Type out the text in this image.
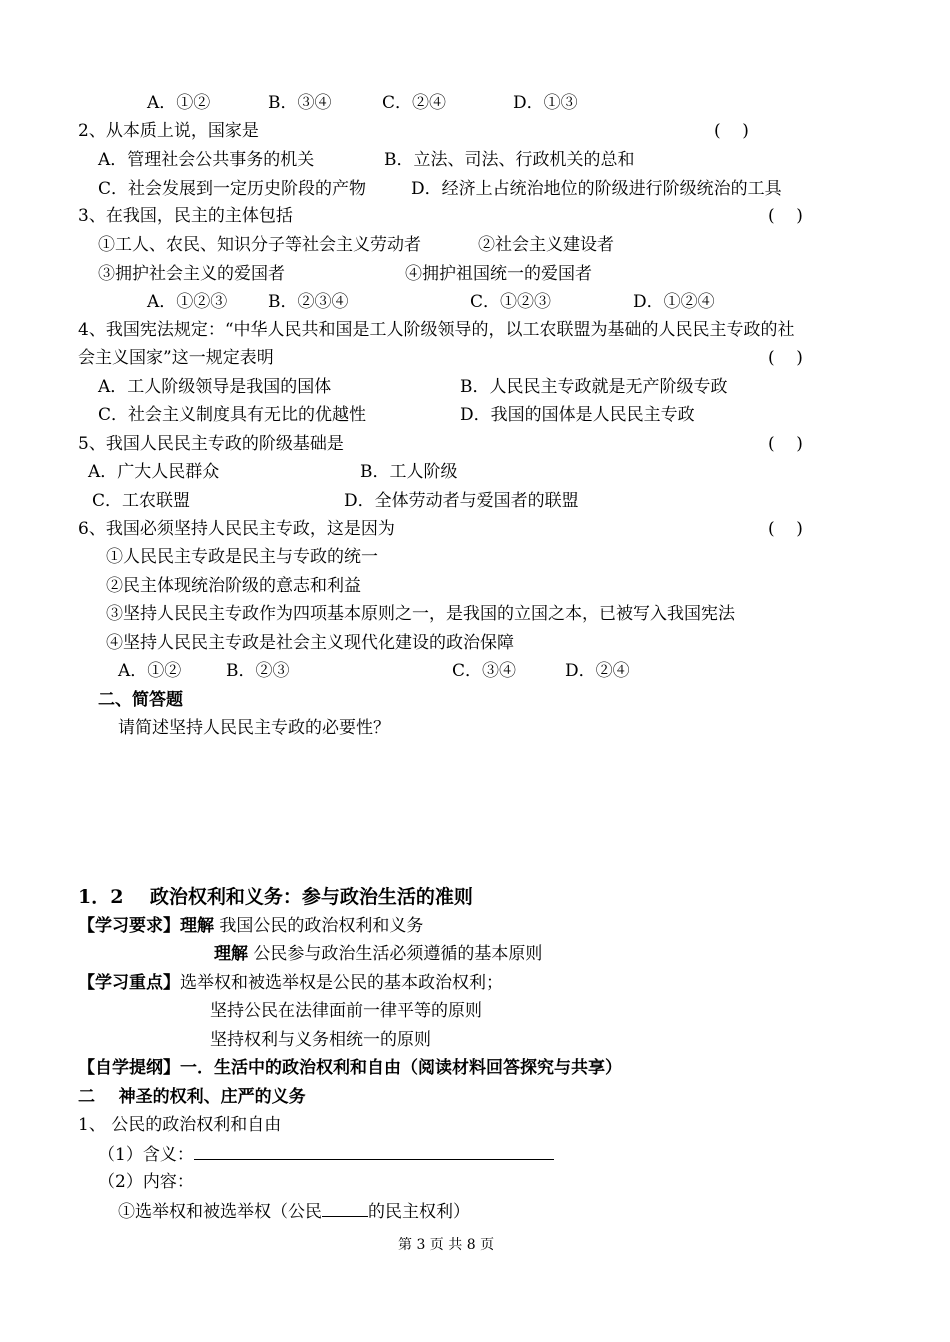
A．①②	B．③④	C．②④	D．①③
2、从本质上说，国家是	(    )
A．管理社会公共事务的机关	B．立法、司法、行政机关的总和
C．社会发展到一定历史阶段的产物	D．经济上占统治地位的阶级进行阶级统治的工具
3、在我国，民主的主体包括	(    )
①工人、农民、知识分子等社会主义劳动者	②社会主义建设者
③拥护社会主义的爱国者	④拥护祖国统一的爱国者
A．①②③ B．②③④	C．①②③	D．①②④
4、我国宪法规定：“中华人民共和国是工人阶级领导的，以工农联盟为基础的人民民主专政的社
会主义国家”这一规定表明	(    )
A．工人阶级领导是我国的国体	B．人民民主专政就是无产阶级专政
C．社会主义制度具有无比的优越性	D．我国的国体是人民民主专政
5、我国人民民主专政的阶级基础是	(    )
A．广大人民群众	B．工人阶级
C．工农联盟	D．全体劳动者与爱国者的联盟
6、我国必须坚持人民民主专政，这是因为	(    )
①人民民主专政是民主与专政的统一
②民主体现统治阶级的意志和利益
③坚持人民民主专政作为四项基本原则之一，是我国的立国之本，已被写入我国宪法
④坚持人民民主专政是社会主义现代化建设的政治保障
A．①②	B．②③	C．③④	D．②④
二、简答题
请简述坚持人民民主专政的必要性？
1．2    政治权利和义务：参与政治生活的准则
【学习要求】理解 我国公民的政治权利和义务
理解 公民参与政治生活必须遵循的基本原则
【学习重点】选举权和被选举权是公民的基本政治权利；
坚持公民在法律面前一律平等的原则
坚持权利与义务相统一的原则
【自学提纲】一．生活中的政治权利和自由（阅读材料回答探究与共享）
二    神圣的权利、庄严的义务
1、 公民的政治权利和自由
（1）含义：
（2）内容：
①选举权和被选举权（公民	的民主权利）
第 3 页 共 8 页
